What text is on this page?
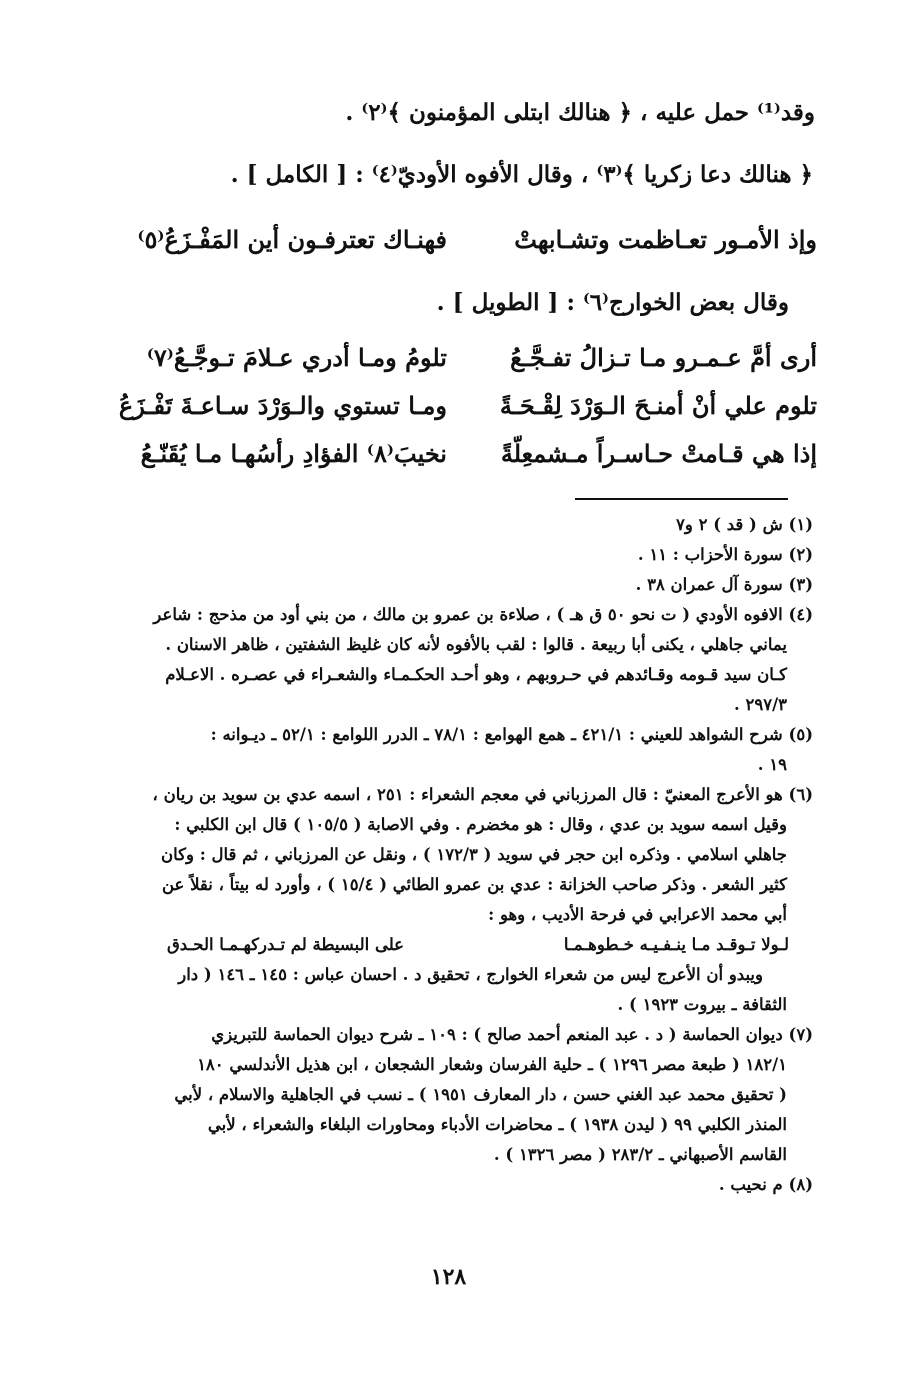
وقد⁽¹⁾ حمل عليه ، ﴿ هنالك ابتلى المؤمنون ﴾⁽٢⁾ .
﴿ هنالك دعا زكريا ﴾⁽٣⁾ ، وقال الأفوه الأوديّ⁽٤⁾ : [ الكامل ] .
وإذ الأمـور تعـاظمت وتشـابهتْ
فهنـاك تعترفـون أين المَفْـزَعُ⁽٥⁾
وقال بعض الخوارج⁽٦⁾ : [ الطويل ] .
أرى أمَّ عـمـرو مـا تـزالُ تفـجَّـعُ
تلومُ ومـا أدري عـلامَ تـوجَّـعُ⁽٧⁾
تلوم علي أنْ أمنـحَ الـوَرْدَ لِقْـحَـةً
ومـا تستوي والـوَرْدَ سـاعـةَ تَفْـزَعُ
إذا هي قـامتْ حـاسـراً مـشمعِلّةً
نخيبَ⁽٨⁾ الفؤادِ رأسُهـا مـا يُقَنّـعُ
(١) ش ( قد ) ٢ و٧
(٢) سورة الأحزاب : ١١ .
(٣) سورة آل عمران ٣٨ .
(٤) الافوه الأودي ( ت نحو ٥٠ ق هـ ) ، صلاءة بن عمرو بن مالك ، من بني أود من مذحج : شاعر
يماني جاهلي ، يكنى أبا ربيعة . قالوا : لقب بالأفوه لأنه كان غليظ الشفتين ، ظاهر الاسنان .
كـان سيد قـومه وقـائدهم في حـروبهم ، وهو أحـد الحكـمـاء والشعـراء في عصـره . الاعـلام
٢٩٧/٣ .
(٥) شرح الشواهد للعيني : ٤٢١/١ ـ همع الهوامع : ٧٨/١ ـ الدرر اللوامع : ٥٢/١ ـ ديـوانه :
١٩ .
(٦) هو الأعرج المعنيّ : قال المرزباني في معجم الشعراء : ٢٥١ ، اسمه عدي بن سويد بن ريان ،
وقيل اسمه سويد بن عدي ، وقال : هو مخضرم . وفي الاصابة ( ١٠٥/٥ ) قال ابن الكلبي :
جاهلي اسلامي . وذكره ابن حجر في سويد ( ١٧٢/٣ ) ، ونقل عن المرزباني ، ثم قال : وكان
كثير الشعر . وذكر صاحب الخزانة : عدي بن عمرو الطائي ( ١٥/٤ ) ، وأورد له بيتاً ، نقلاً عن
أبي محمد الاعرابي في فرحة الأديب ، وهو :
لـولا تـوقـد مـا ينـفـيـه خـطوهـمـا
على البسيطة لم تـدركهـمـا الحـدق
ويبدو أن الأعرج ليس من شعراء الخوارج ، تحقيق د . احسان عباس : ١٤٥ ـ ١٤٦ ( دار
الثقافة ـ بيروت ١٩٢٣ ) .
(٧) ديوان الحماسة ( د . عبد المنعم أحمد صالح ) : ١٠٩ ـ شرح ديوان الحماسة للتبريزي
١٨٢/١ ( طبعة مصر ١٢٩٦ ) ـ حلية الفرسان وشعار الشجعان ، ابن هذيل الأندلسي ١٨٠
( تحقيق محمد عبد الغني حسن ، دار المعارف ١٩٥١ ) ـ نسب في الجاهلية والاسلام ، لأبي
المنذر الكلبي ٩٩ ( ليدن ١٩٣٨ ) ـ محاضرات الأدباء ومحاورات البلغاء والشعراء ، لأبي
القاسم الأصبهاني ـ ٢٨٣/٢ ( مصر ١٣٢٦ ) .
(٨) م نحيب .
١٢٨
